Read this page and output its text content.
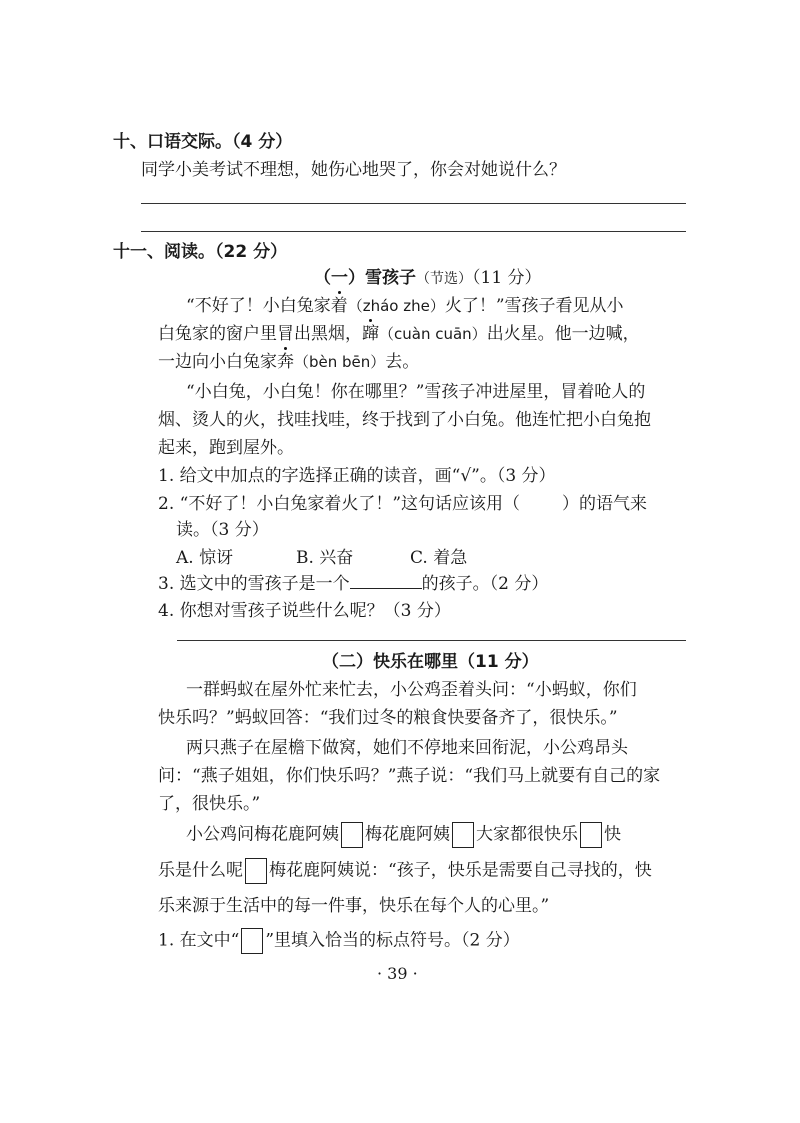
十、口语交际。（4 分）
同学小美考试不理想，她伤心地哭了，你会对她说什么？
十一、阅读。（22 分）
（一）雪孩子（节选）（11 分）
“不好了！小白兔家着（zháo zhe）火了！”雪孩子看见从小
白兔家的窗户里冒出黑烟，蹿（cuàn cuān）出火星。他一边喊，
一边向小白兔家奔（bèn bēn）去。
“小白兔，小白兔！你在哪里？”雪孩子冲进屋里，冒着呛人的
烟、烫人的火，找哇找哇，终于找到了小白兔。他连忙把小白兔抱
起来，跑到屋外。
1. 给文中加点的字选择正确的读音，画“√”。（3 分）
2. “不好了！小白兔家着火了！”这句话应该用（ ）的语气来
读。（3 分）
A. 惊讶	B. 兴奋	C. 着急
3. 选文中的雪孩子是一个	的孩子。（2 分）
4. 你想对雪孩子说些什么呢？（3 分）
（二）快乐在哪里（11 分）
一群蚂蚁在屋外忙来忙去，小公鸡歪着头问：“小蚂蚁，你们
快乐吗？”蚂蚁回答：“我们过冬的粮食快要备齐了，很快乐。”
两只燕子在屋檐下做窝，她们不停地来回衔泥，小公鸡昂头
问：“燕子姐姐，你们快乐吗？”燕子说：“我们马上就要有自己的家
了，很快乐。”
小公鸡问梅花鹿阿姨 梅花鹿阿姨 大家都很快乐 快
乐是什么呢 梅花鹿阿姨说：“孩子，快乐是需要自己寻找的，快
乐来源于生活中的每一件事，快乐在每个人的心里。”
1. 在文中“ ”里填入恰当的标点符号。（2 分）
· 39 ·
